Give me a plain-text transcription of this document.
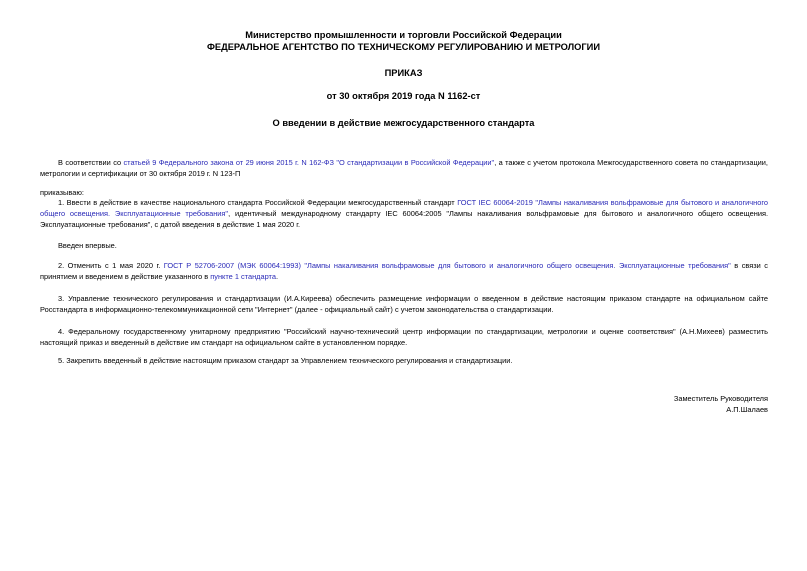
Министерство промышленности и торговли Российской Федерации
ФЕДЕРАЛЬНОЕ АГЕНТСТВО ПО ТЕХНИЧЕСКОМУ РЕГУЛИРОВАНИЮ И МЕТРОЛОГИИ
ПРИКАЗ
от 30 октября 2019 года N 1162-ст
О введении в действие межгосударственного стандарта
В соответствии со статьей 9 Федерального закона от 29 июня 2015 г. N 162-ФЗ "О стандартизации в Российской Федерации", а также с учетом протокола Межгосударственного совета по стандартизации, метрологии и сертификации от 30 октября 2019 г. N 123-П
приказываю:
1. Ввести в действие в качестве национального стандарта Российской Федерации межгосударственный стандарт ГОСТ IEC 60064-2019 "Лампы накаливания вольфрамовые для бытового и аналогичного общего освещения. Эксплуатационные требования", идентичный международному стандарту IEC 60064:2005 "Лампы накаливания вольфрамовые для бытового и аналогичного общего освещения. Эксплуатационные требования", с датой введения в действие 1 мая 2020 г.
Введен впервые.
2. Отменить с 1 мая 2020 г. ГОСТ Р 52706-2007 (МЭК 60064:1993) "Лампы накаливания вольфрамовые для бытового и аналогичного общего освещения. Эксплуатационные требования" в связи с принятием и введением в действие указанного в пункте 1 стандарта.
3. Управление технического регулирования и стандартизации (И.А.Киреева) обеспечить размещение информации о введенном в действие настоящим приказом стандарте на официальном сайте Росстандарта в информационно-телекоммуникационной сети "Интернет" (далее - официальный сайт) с учетом законодательства о стандартизации.
4. Федеральному государственному унитарному предприятию "Российский научно-технический центр информации по стандартизации, метрологии и оценке соответствия" (А.Н.Михеев) разместить настоящий приказ и введенный в действие им стандарт на официальном сайте в установленном порядке.
5. Закрепить введенный в действие настоящим приказом стандарт за Управлением технического регулирования и стандартизации.
Заместитель Руководителя
А.П.Шалаев
